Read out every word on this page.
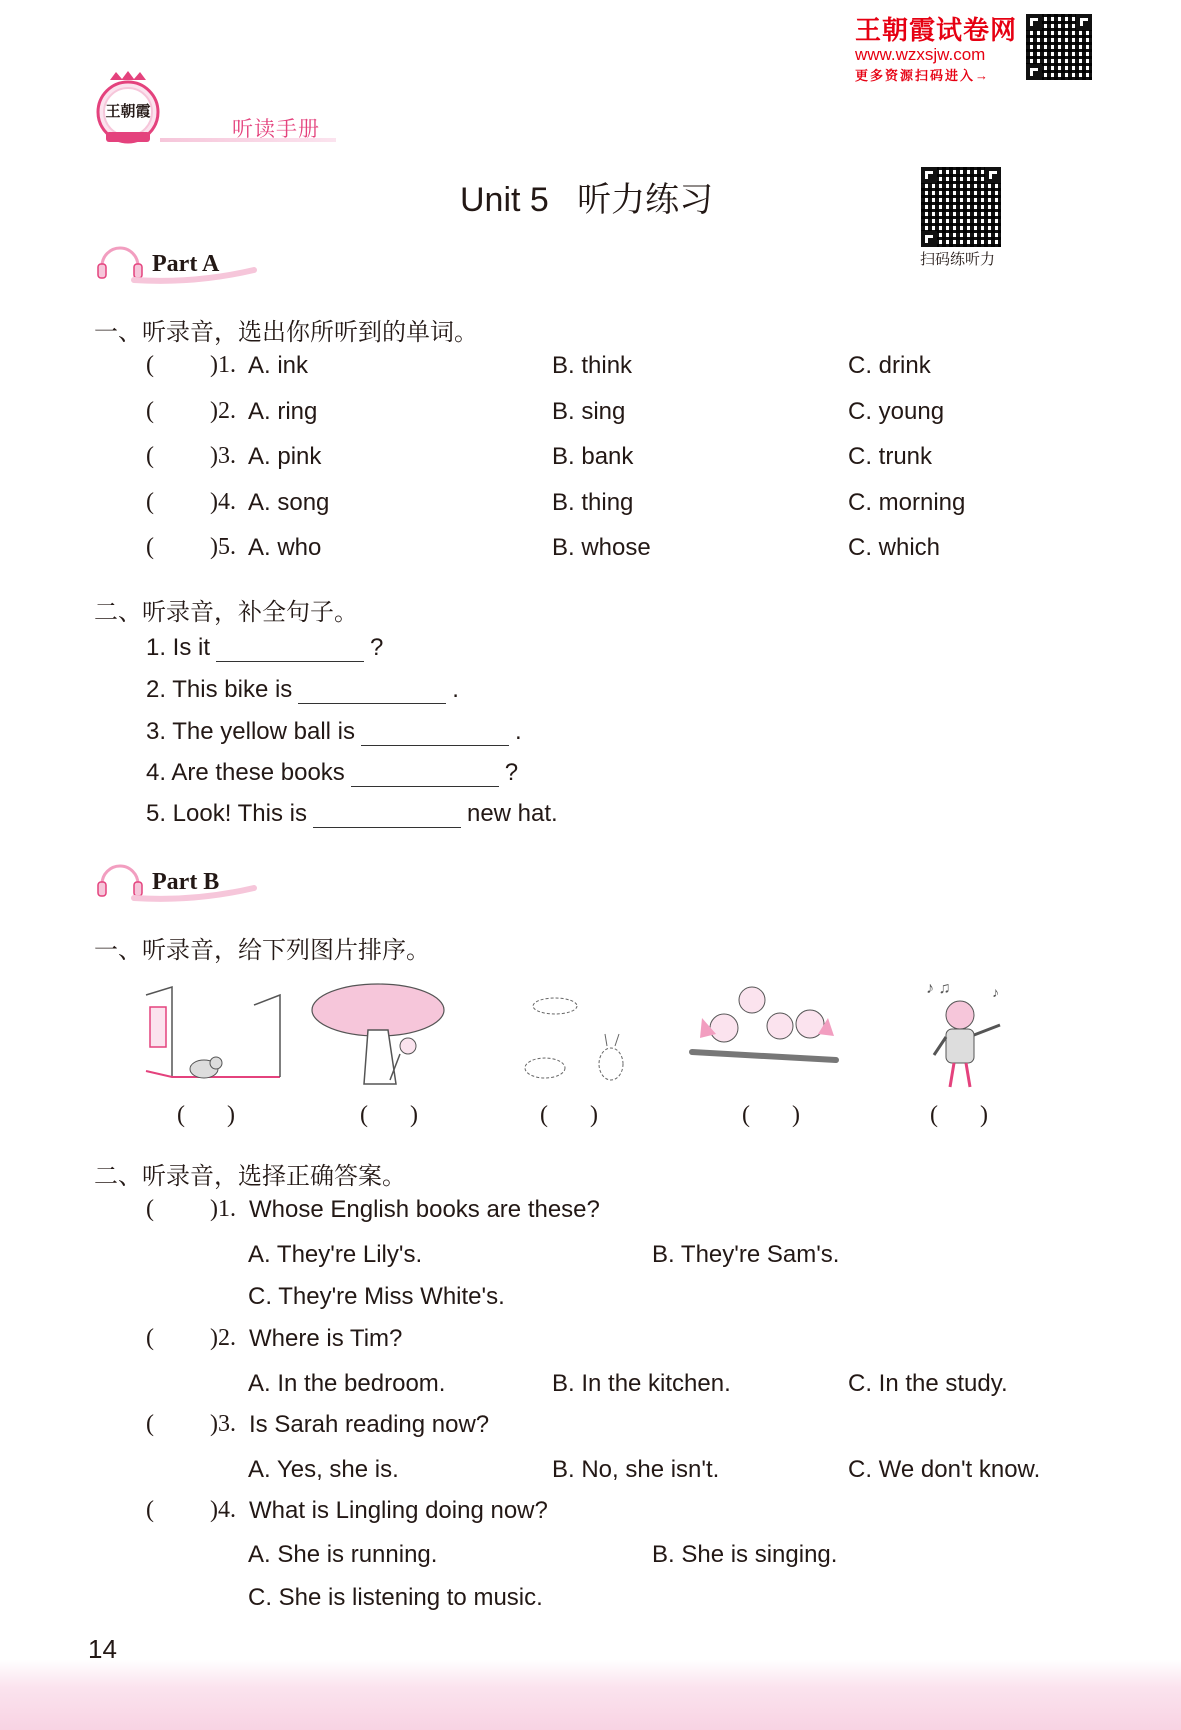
王朝霞试卷网
www.wzxsjw.com
更多资源扫码进入→
王朝霞
听读手册
Unit 5   听力练习
扫码练听力
Part A
一、听录音，选出你所听到的单词。
( )1. A. ink	B. think	C. drink
( )2. A. ring	B. sing	C. young
( )3. A. pink	B. bank	C. trunk
( )4. A. song	B. thing	C. morning
( )5. A. who	B. whose	C. which
二、听录音，补全句子。
1. Is it	?
2. This bike is	.
3. The yellow ball is	.
4. Are these books	?
5. Look! This is	new hat.
Part B
一、听录音，给下列图片排序。
♪ ♫	♪
(       )	(       )	(       )	(       )	(       )
二、听录音，选择正确答案。
( )1. Whose English books are these?
A. They're Lily's.	B. They're Sam's.
C. They're Miss White's.
( )2. Where is Tim?
A. In the bedroom.	B. In the kitchen.	C. In the study.
( )3. Is Sarah reading now?
A. Yes, she is.	B. No, she isn't.	C. We don't know.
( )4. What is Lingling doing now?
A. She is running.	B. She is singing.
C. She is listening to music.
14
